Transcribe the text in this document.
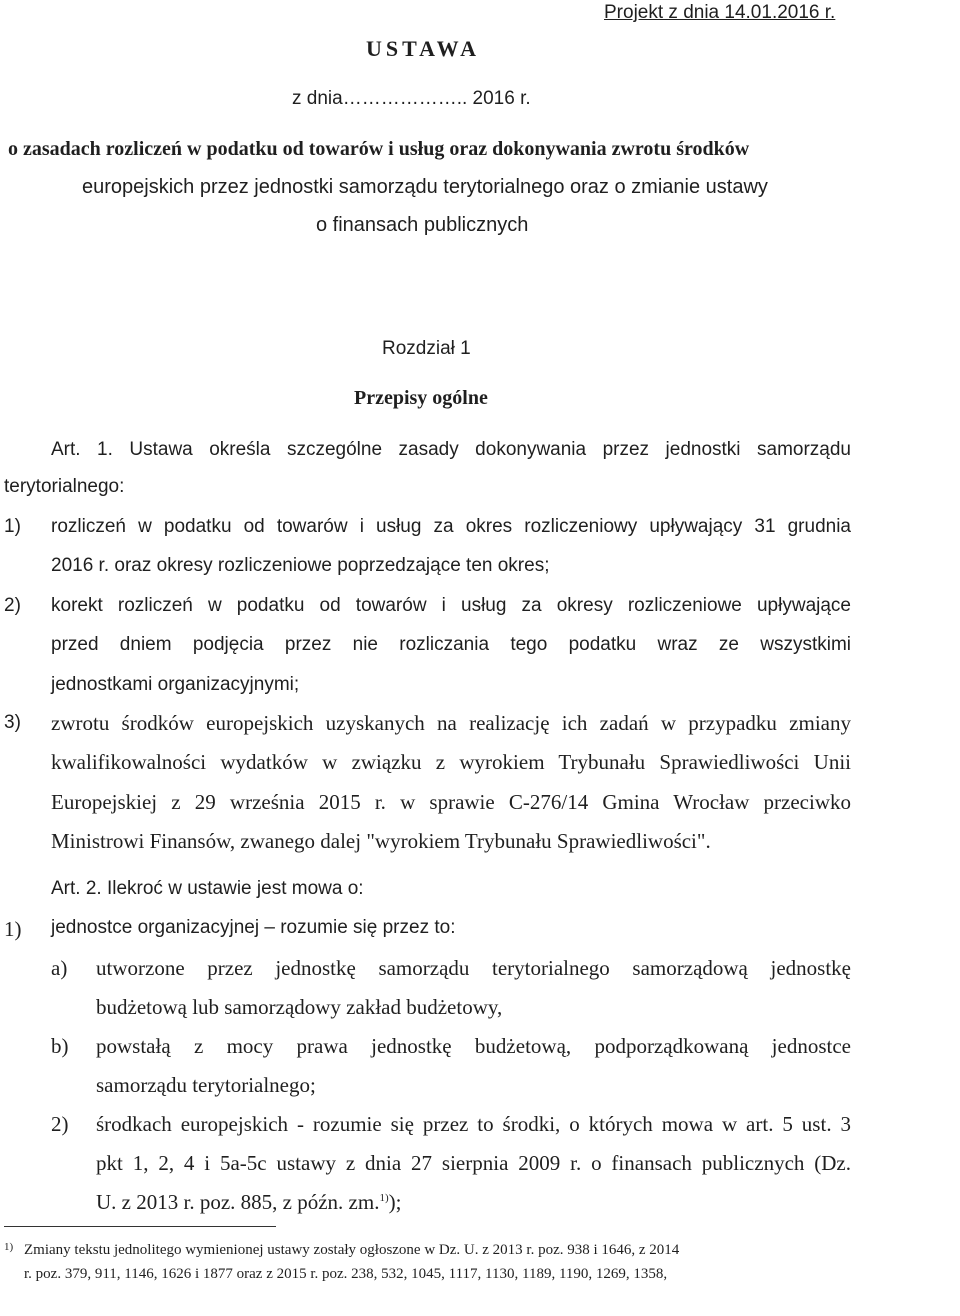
Projekt z dnia 14.01.2016 r.
USTAWA
z dnia……………….. 2016 r.
o zasadach rozliczeń w podatku od towarów i usług oraz dokonywania zwrotu środków
europejskich przez jednostki samorządu terytorialnego oraz o zmianie ustawy
o finansach publicznych
Rozdział 1
Przepisy ogólne
Art. 1. Ustawa określa szczególne zasady dokonywania przez jednostki samorządu
terytorialnego:
1) rozliczeń w podatku od towarów i usług za okres rozliczeniowy upływający 31 grudnia
2016 r. oraz okresy rozliczeniowe poprzedzające ten okres;
2) korekt rozliczeń w podatku od towarów i usług za okresy rozliczeniowe upływające
przed dniem podjęcia przez nie rozliczania tego podatku wraz ze wszystkimi
jednostkami organizacyjnymi;
3) zwrotu środków europejskich uzyskanych na realizację ich zadań w przypadku zmiany
kwalifikowalności wydatków w związku z wyrokiem Trybunału Sprawiedliwości Unii
Europejskiej z 29 września 2015 r. w sprawie C-276/14 Gmina Wrocław przeciwko
Ministrowi Finansów, zwanego dalej "wyrokiem Trybunału Sprawiedliwości".
Art. 2. Ilekroć w ustawie jest mowa o:
1) jednostce organizacyjnej – rozumie się przez to:
a) utworzone przez jednostkę samorządu terytorialnego samorządową jednostkę
budżetową lub samorządowy zakład budżetowy,
b) powstałą z mocy prawa jednostkę budżetową, podporządkowaną jednostce
samorządu terytorialnego;
2) środkach europejskich - rozumie się przez to środki, o których mowa w art. 5 ust. 3
pkt 1, 2, 4 i 5a-5c ustawy z dnia 27 sierpnia 2009 r. o finansach publicznych (Dz.
U. z 2013 r. poz. 885, z późn. zm.$^{1)}$);
1) Zmiany tekstu jednolitego wymienionej ustawy zostały ogłoszone w Dz. U. z 2013 r. poz. 938 i 1646, z 2014
r. poz. 379, 911, 1146, 1626 i 1877 oraz z 2015 r. poz. 238, 532, 1045, 1117, 1130, 1189, 1190, 1269, 1358,
